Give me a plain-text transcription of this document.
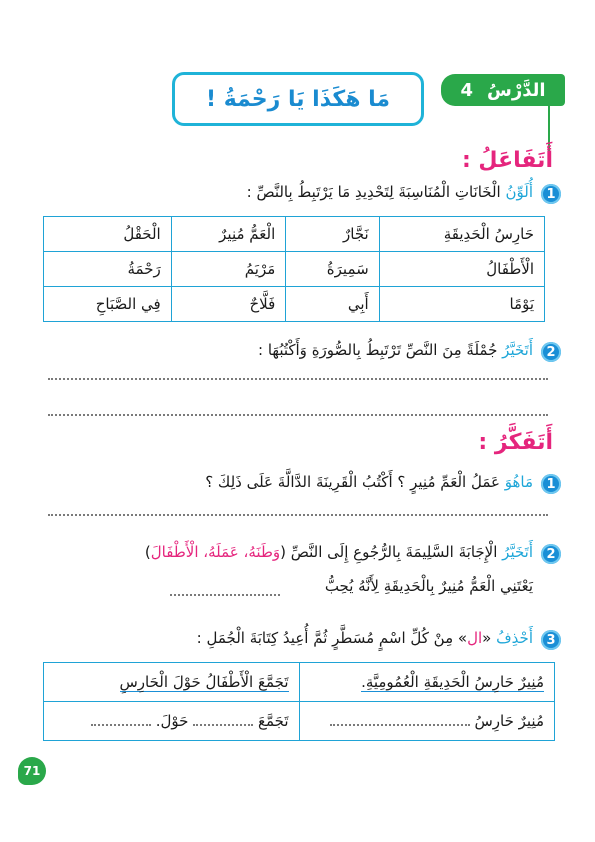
الدَّرْسُ
4
مَا هَكَذَا يَا رَحْمَةُ !
أَتَفَاعَلُ :
1
أُلَوِّنُ الْخَانَاتِ الْمُنَاسِبَةَ لِتَحْدِيدِ مَا يَرْتَبِطُ بِالنَّصِّ :
حَارِسُ الْحَدِيقَةِ	نَجَّارٌ	الْعَمُّ مُنِيرٌ	الْحَقْلُ
الْأَطْفَالُ	سَمِيرَةُ	مَرْيَمُ	رَحْمَةُ
يَوْمًا	أَبِي	فَلَّاحٌ	فِي الصَّبَاحِ
2
أَتَخَيَّرُ جُمْلَةً مِنَ النَّصِّ تَرْتَبِطُ بِالصُّورَةِ وَأَكْتُبُهَا :
أَتَفَكَّرُ :
1
مَاهُوَ عَمَلُ الْعَمِّ مُنِيرٍ ؟ أَكْتُبُ الْقَرِينَةَ الدَّالَّةَ عَلَى ذَلِكَ ؟
2
أَتَخَيَّرُ الْإِجَابَةَ السَّلِيمَةَ بِالرُّجُوعِ إِلَى النَّصِّ (وَطَنَهُ، عَمَلَهُ، الْأَطْفَالَ)
يَعْتَنِي الْعَمُّ مُنِيرٌ بِالْحَدِيقَةِ لِأَنَّهُ يُحِبُّ
3
أَحْذِفُ «ال» مِنْ كُلِّ اسْمٍ مُسَطَّرٍ ثُمَّ أُعِيدُ كِتَابَةَ الْجُمَلِ :
مُنِيرٌ حَارِسُ الْحَدِيقَةِ الْعُمُومِيَّةِ.	تَجَمَّعَ الْأَطْفَالُ حَوْلَ الْحَارِسِ
مُنِيرٌ حَارِسُ	تَجَمَّعَ  حَوْلَ.
71
